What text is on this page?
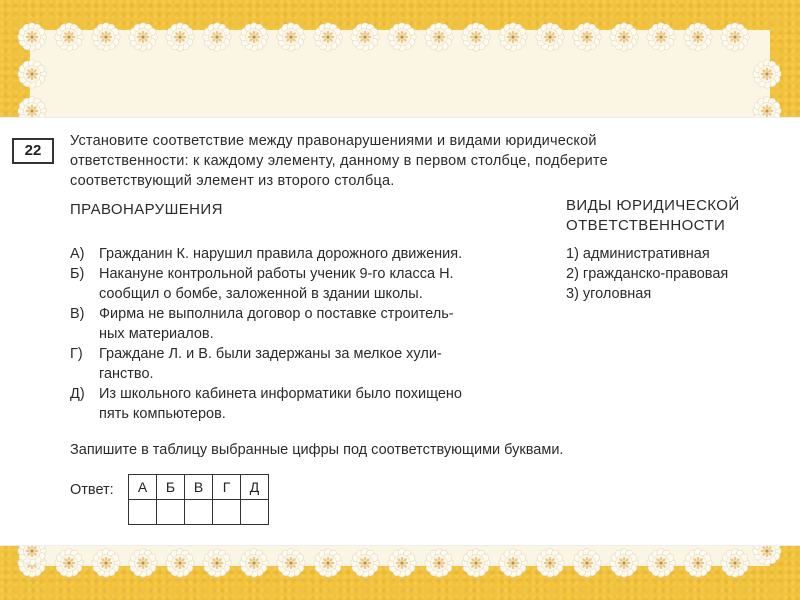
22
Установите соответствие между правонарушениями и видами юридической
ответственности: к каждому элементу, данному в первом столбце, подберите
соответствующий элемент из второго столбца.
ПРАВОНАРУШЕНИЯ	ВИДЫ ЮРИДИЧЕСКОЙ
ОТВЕТСТВЕННОСТИ
А) Гражданин К. нарушил правила дорожного движения.
Б) Накануне контрольной работы ученик 9-го класса Н.
сообщил о бомбе, заложенной в здании школы.
В) Фирма не выполнила договор о поставке строитель-
ных материалов.
Г) Граждане Л. и В. были задержаны за мелкое хули-
ганство.
Д) Из школьного кабинета информатики было похищено
пять компьютеров.
1) административная
2) гражданско-правовая
3) уголовная
Запишите в таблицу выбранные цифры под соответствующими буквами.
Ответ: А	Б	В	Г	Д
